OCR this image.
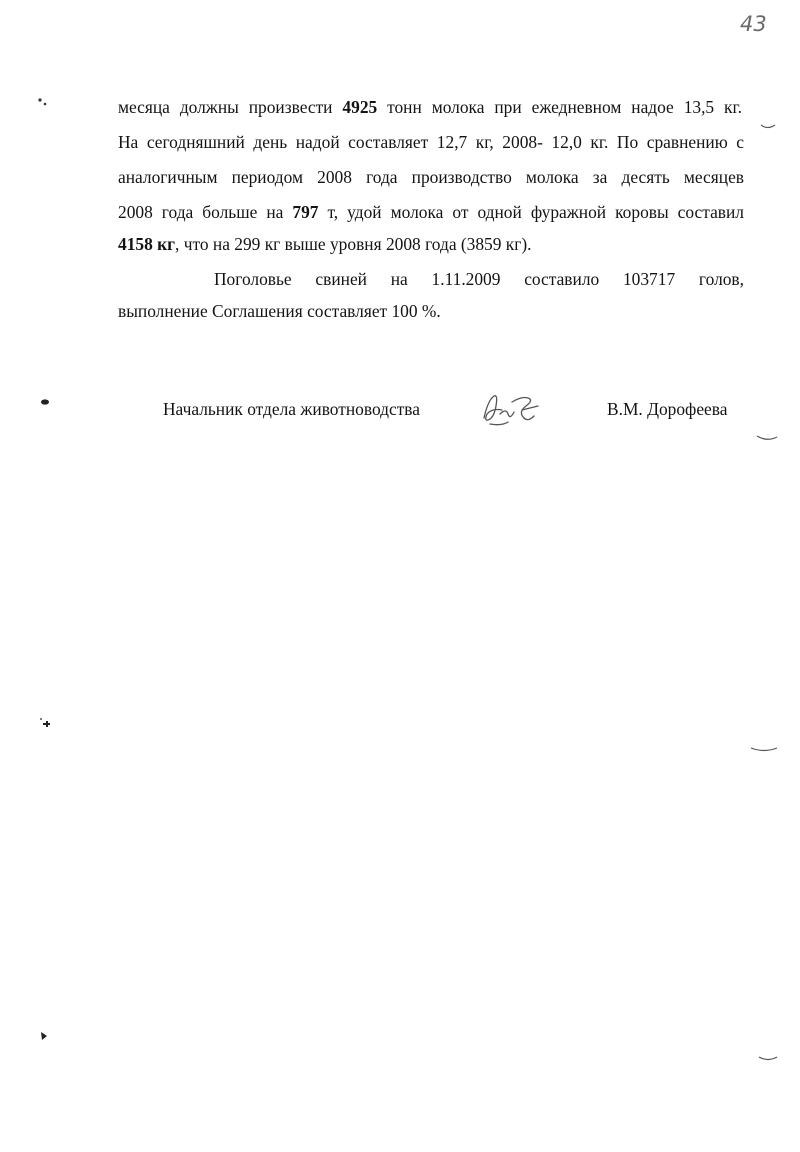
43
месяца должны произвести 4925 тонн молока при ежедневном надое 13,5 кг.
На сегодняшний день надой составляет 12,7 кг, 2008- 12,0 кг. По сравнению с
аналогичным периодом 2008 года производство молока за десять месяцев
2008 года больше на 797 т, удой молока от одной фуражной коровы составил
4158 кг, что на 299 кг выше уровня 2008 года (3859 кг).
Поголовье свиней на 1.11.2009 составило 103717 голов,
выполнение Соглашения составляет 100 %.
Начальник отдела животноводства	В.М. Дорофеева
